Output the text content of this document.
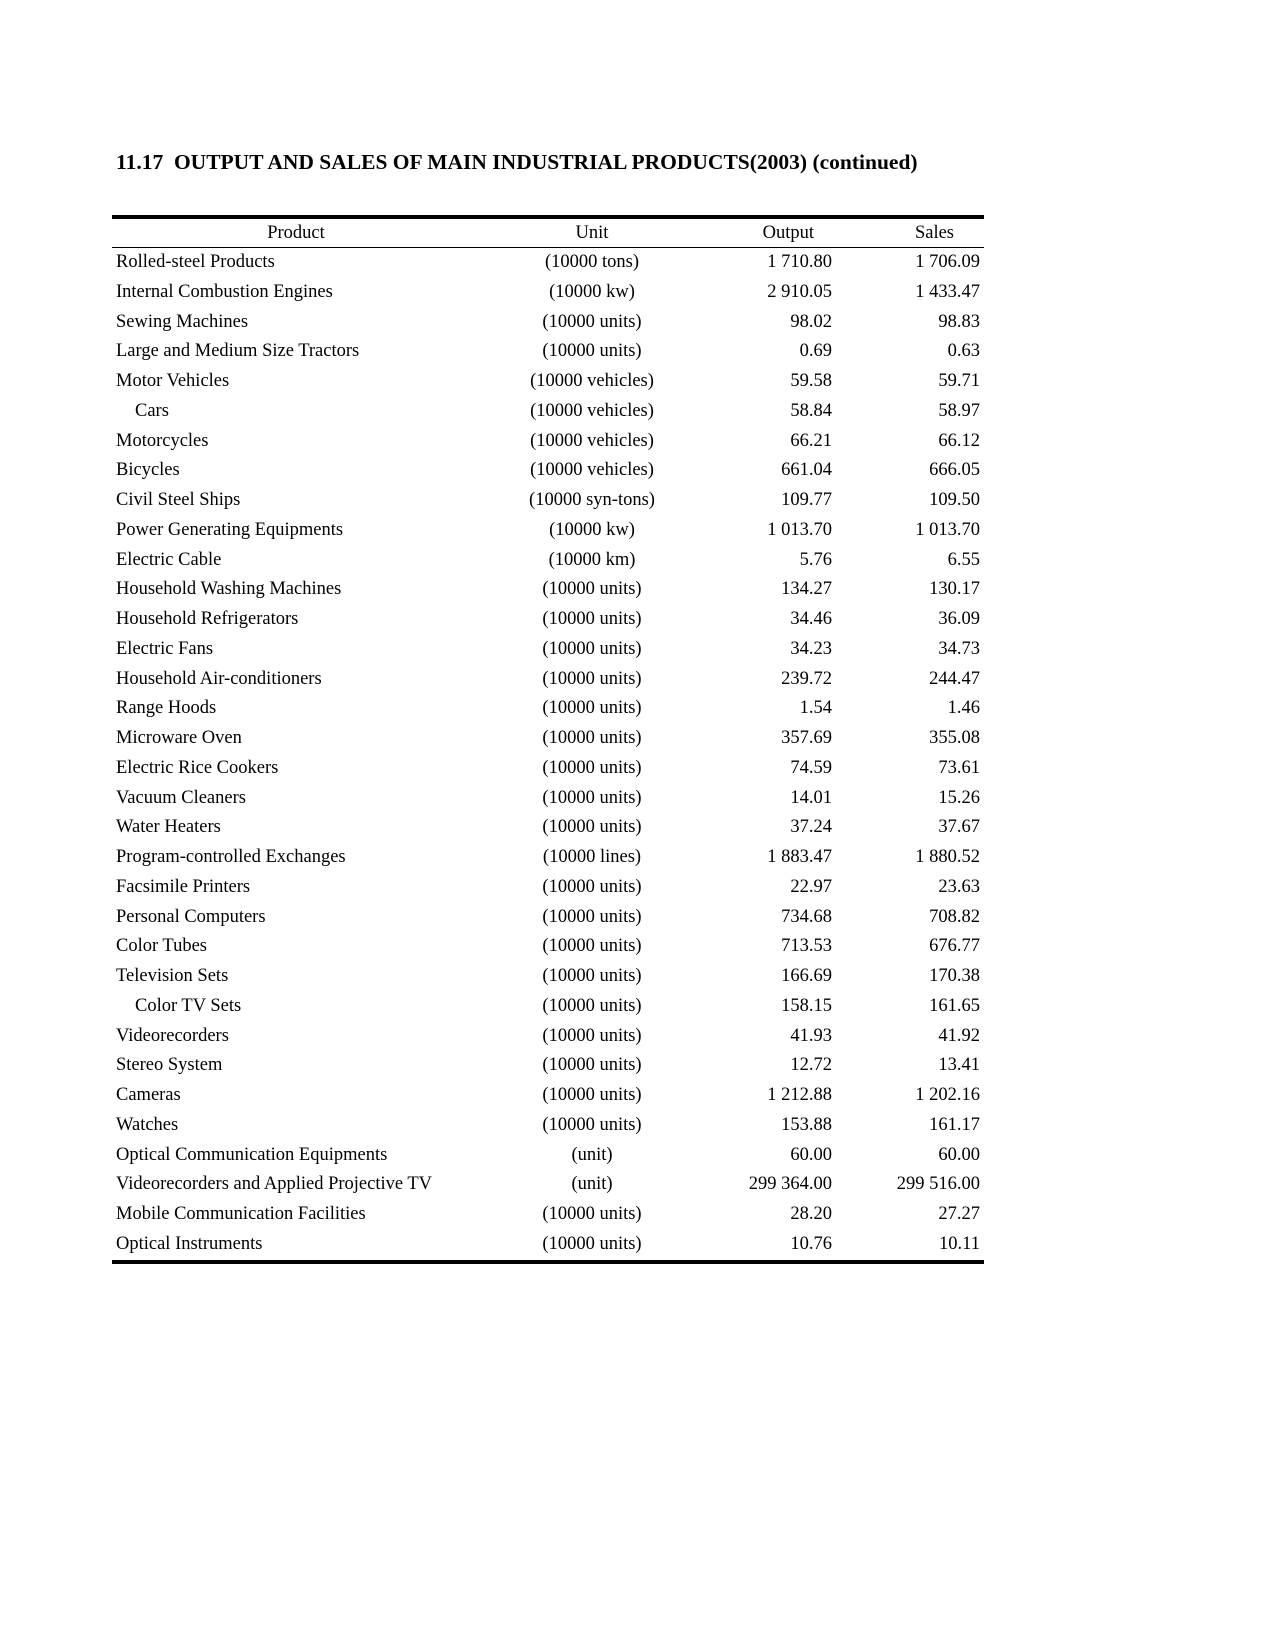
11.17  OUTPUT AND SALES OF MAIN INDUSTRIAL PRODUCTS(2003) (continued)
Product	Unit	Output	Sales
Rolled-steel Products	(10000 tons)	1 710.80	1 706.09
Internal Combustion Engines	(10000 kw)	2 910.05	1 433.47
Sewing Machines	(10000 units)	98.02	98.83
Large and Medium Size Tractors	(10000 units)	0.69	0.63
Motor Vehicles	(10000 vehicles)	59.58	59.71
Cars	(10000 vehicles)	58.84	58.97
Motorcycles	(10000 vehicles)	66.21	66.12
Bicycles	(10000 vehicles)	661.04	666.05
Civil Steel Ships	(10000 syn-tons)	109.77	109.50
Power Generating Equipments	(10000 kw)	1 013.70	1 013.70
Electric Cable	(10000 km)	5.76	6.55
Household Washing Machines	(10000 units)	134.27	130.17
Household Refrigerators	(10000 units)	34.46	36.09
Electric Fans	(10000 units)	34.23	34.73
Household Air-conditioners	(10000 units)	239.72	244.47
Range Hoods	(10000 units)	1.54	1.46
Microware Oven	(10000 units)	357.69	355.08
Electric Rice Cookers	(10000 units)	74.59	73.61
Vacuum Cleaners	(10000 units)	14.01	15.26
Water Heaters	(10000 units)	37.24	37.67
Program-controlled Exchanges	(10000 lines)	1 883.47	1 880.52
Facsimile Printers	(10000 units)	22.97	23.63
Personal Computers	(10000 units)	734.68	708.82
Color Tubes	(10000 units)	713.53	676.77
Television Sets	(10000 units)	166.69	170.38
Color TV Sets	(10000 units)	158.15	161.65
Videorecorders	(10000 units)	41.93	41.92
Stereo System	(10000 units)	12.72	13.41
Cameras	(10000 units)	1 212.88	1 202.16
Watches	(10000 units)	153.88	161.17
Optical Communication Equipments	(unit)	60.00	60.00
Videorecorders and Applied Projective TV	(unit)	299 364.00	299 516.00
Mobile Communication Facilities	(10000 units)	28.20	27.27
Optical Instruments	(10000 units)	10.76	10.11
